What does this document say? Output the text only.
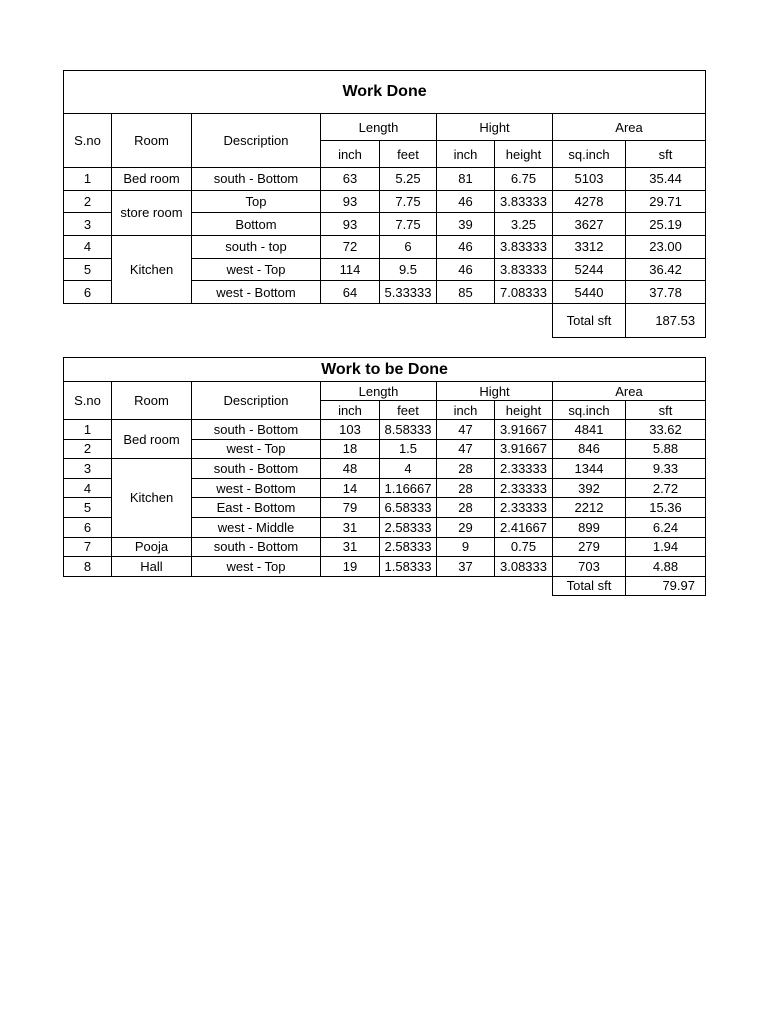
Work Done								
S.no	Room	Description	Length		Hight		Area	
			inch	feet	inch	height	sq.inch	sft
1	Bed room	south - Bottom	63	5.25	81	6.75	5103	35.44
2	store room	Top	93	7.75	46	3.83333	4278	29.71
3		Bottom	93	7.75	39	3.25	3627	25.19
4	Kitchen	south - top	72	6	46	3.83333	3312	23.00
5		west - Top	114	9.5	46	3.83333	5244	36.42
6		west - Bottom	64	5.33333	85	7.08333	5440	37.78
							Total sft	187.53
Work to be Done								
S.no	Room	Description	Length		Hight		Area	
			inch	feet	inch	height	sq.inch	sft
1	Bed room	south - Bottom	103	8.58333	47	3.91667	4841	33.62
2		west - Top	18	1.5	47	3.91667	846	5.88
3	Kitchen	south - Bottom	48	4	28	2.33333	1344	9.33
4		west - Bottom	14	1.16667	28	2.33333	392	2.72
5		East - Bottom	79	6.58333	28	2.33333	2212	15.36
6		west - Middle	31	2.58333	29	2.41667	899	6.24
7	Pooja	south - Bottom	31	2.58333	9	0.75	279	1.94
8	Hall	west - Top	19	1.58333	37	3.08333	703	4.88
							Total sft	79.97
